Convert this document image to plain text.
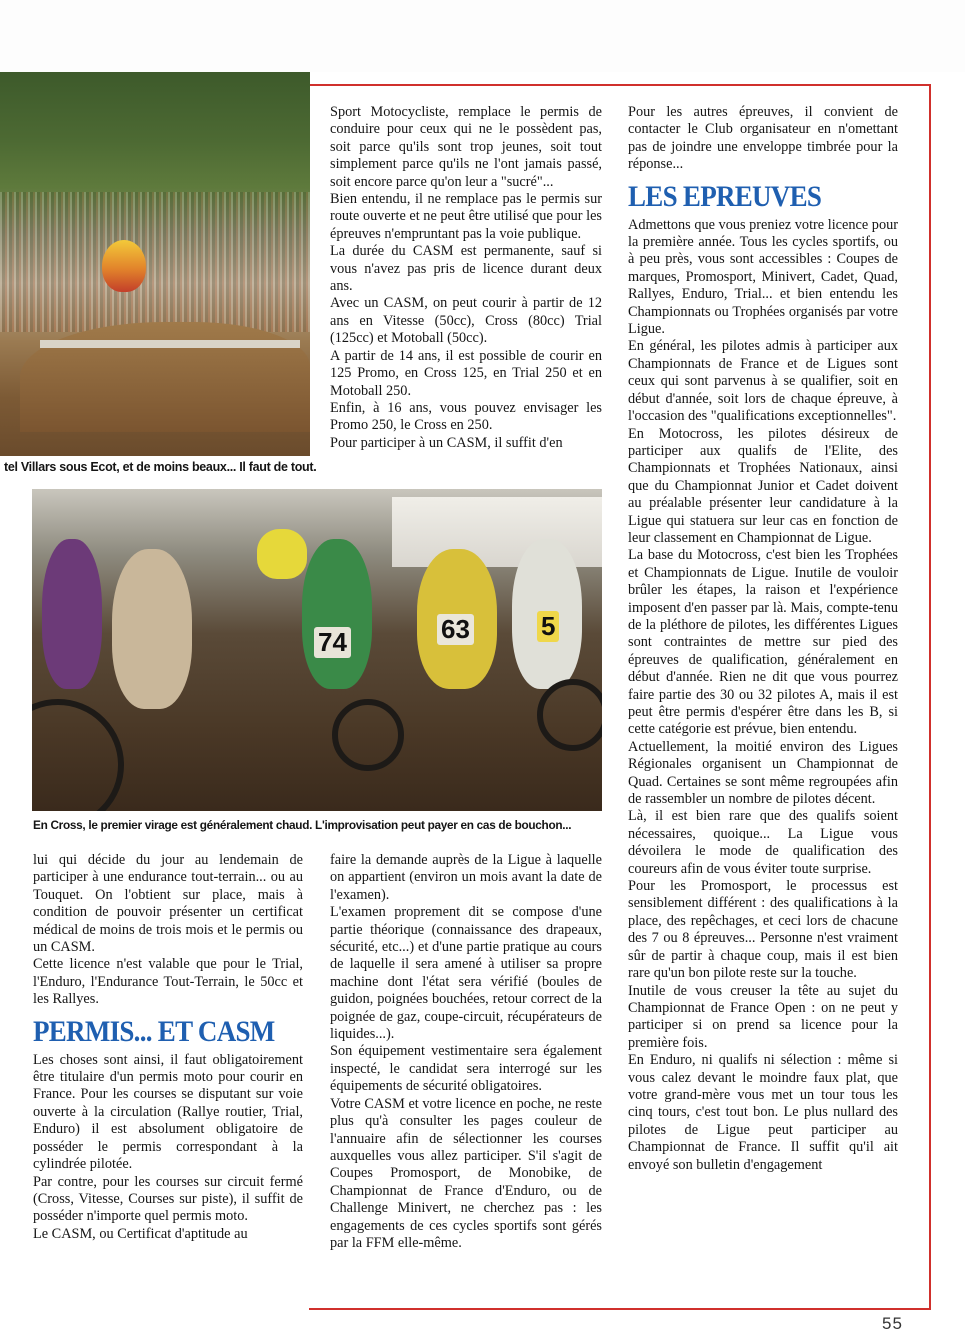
tel Villars sous Ecot, et de moins beaux... Il faut de tout.

Sport Motocycliste, remplace le permis de conduire pour ceux qui ne le possèdent pas, soit parce qu'ils sont trop jeunes, soit tout simplement parce qu'ils ne l'ont jamais passé, soit encore parce qu'on leur a "sucré"...

Bien entendu, il ne remplace pas le permis sur route ouverte et ne peut être utilisé que pour les épreuves n'empruntant pas la voie publique.

La durée du CASM est permanente, sauf si vous n'avez pas pris de licence durant deux ans.

Avec un CASM, on peut courir à partir de 12 ans en Vitesse (50cc), Cross (80cc) Trial (125cc) et Motoball (50cc).

A partir de 14 ans, il est possible de courir en 125 Promo, en Cross 125, en Trial 250 et en Motoball 250.

Enfin, à 16 ans, vous pouvez envisager les Promo 250, le Cross en 250.

Pour participer à un CASM, il suffit d'en

Pour les autres épreuves, il convient de contacter le Club organisateur en n'omettant pas de joindre une enveloppe timbrée pour la réponse...

LES EPREUVES

Admettons que vous preniez votre licence pour la première année. Tous les cycles sportifs, ou à peu près, vous sont accessibles : Coupes de marques, Promosport, Minivert, Cadet, Quad, Rallyes, Enduro, Trial... et bien entendu les Championnats ou Trophées organisés par votre Ligue.

En général, les pilotes admis à participer aux Championnats de France et de Ligues sont ceux qui sont parvenus à se qualifier, soit en début d'année, soit lors de chaque épreuve, à l'occasion des "qualifications exceptionnelles".

En Motocross, les pilotes désireux de participer aux qualifs de l'Elite, des Championnats et Trophées Nationaux, ainsi que du Championnat Junior et Cadet doivent au préalable présenter leur candidature à la Ligue qui statuera sur leur cas en fonction de leur classement en Championnat de Ligue.

La base du Motocross, c'est bien les Trophées et Championnats de Ligue. Inutile de vouloir brûler les étapes, la raison et l'expérience imposent d'en passer par là. Mais, compte-tenu de la pléthore de pilotes, les différentes Ligues sont contraintes de mettre sur pied des épreuves de qualification, généralement en début d'année. Rien ne dit que vous pourrez faire partie des 30 ou 32 pilotes A, mais il est peut être permis d'espérer être dans les B, si cette catégorie est prévue, bien entendu.

Actuellement, la moitié environ des Ligues Régionales organisent un Championnat de Quad. Certaines se sont même regroupées afin de rassembler un nombre de pilotes décent.

Là, il est bien rare que des qualifs soient nécessaires, quoique... La Ligue vous dévoilera le mode de qualification des coureurs afin de vous éviter toute surprise.

Pour les Promosport, le processus est sensiblement différent : des qualifications à la place, des repêchages, et ceci lors de chacune des 7 ou 8 épreuves... Personne n'est vraiment sûr de partir à chaque coup, mais il est bien rare qu'un bon pilote reste sur la touche.

Inutile de vous creuser la tête au sujet du Championnat de France Open : on ne peut y participer si on prend sa licence pour la première fois.

En Enduro, ni qualifs ni sélection : même si vous calez devant le moindre faux plat, que votre grand-mère vous met un tour tous les cinq tours, c'est tout bon. Le plus nullard des pilotes de Ligue peut participer au Championnat de France. Il suffit qu'il ait envoyé son bulletin d'engagement

74	63	5
En Cross, le premier virage est généralement chaud. L'improvisation peut payer en cas de bouchon...

lui qui décide du jour au lendemain de participer à une endurance tout-terrain... ou au Touquet. On l'obtient sur place, mais à condition de pouvoir présenter un certificat médical de moins de trois mois et le permis ou un CASM.

Cette licence n'est valable que pour le Trial, l'Enduro, l'Endurance Tout-Terrain, le 50cc et les Rallyes.

PERMIS... ET CASM

Les choses sont ainsi, il faut obligatoirement être titulaire d'un permis moto pour courir en France. Pour les courses se disputant sur voie ouverte à la circulation (Rallye routier, Trial, Enduro) il est absolument obligatoire de posséder le permis correspondant à la cylindrée pilotée.

Par contre, pour les courses sur circuit fermé (Cross, Vitesse, Courses sur piste), il suffit de posséder n'importe quel permis moto.

Le CASM, ou Certificat d'aptitude au

faire la demande auprès de la Ligue à laquelle on appartient (environ un mois avant la date de l'examen).

L'examen proprement dit se compose d'une partie théorique (connaissance des drapeaux, sécurité, etc...) et d'une partie pratique au cours de laquelle il sera amené à utiliser sa propre machine dont l'état sera vérifié (boules de guidon, poignées bouchées, retour correct de la poignée de gaz, coupe-circuit, récupérateurs de liquides...).

Son équipement vestimentaire sera également inspecté, le candidat sera interrogé sur les équipements de sécurité obligatoires.

Votre CASM et votre licence en poche, ne reste plus qu'à consulter les pages couleur de l'annuaire afin de sélectionner les courses auxquelles vous allez participer. S'il s'agit de Coupes Promosport, de Monobike, de Championnat de France d'Enduro, ou de Challenge Minivert, ne cherchez pas : les engagements de ces cycles sportifs sont gérés par la FFM elle-même.

55
